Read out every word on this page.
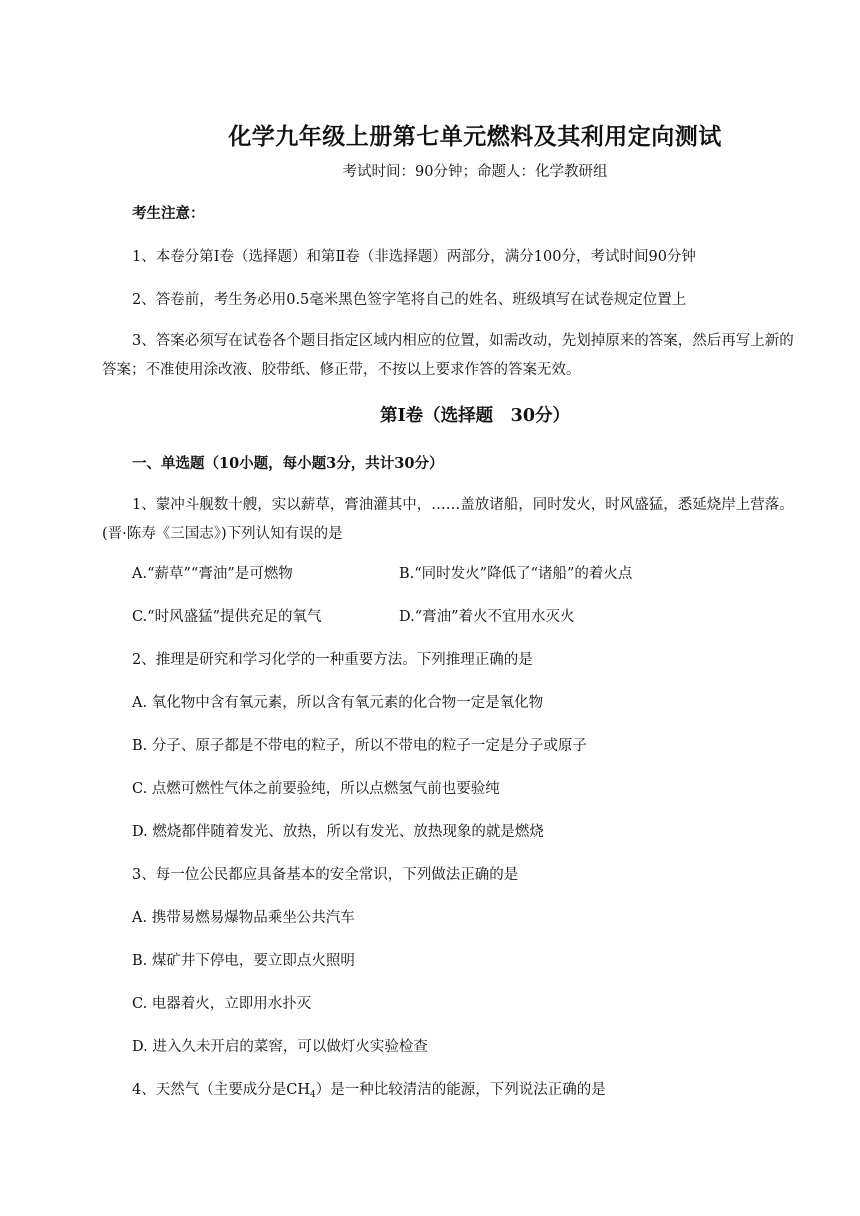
化学九年级上册第七单元燃料及其利用定向测试
考试时间：90分钟；命题人：化学教研组
考生注意：
1、本卷分第I卷（选择题）和第Ⅱ卷（非选择题）两部分，满分100分，考试时间90分钟
2、答卷前，考生务必用0.5毫米黑色签字笔将自己的姓名、班级填写在试卷规定位置上

3、答案必须写在试卷各个题目指定区域内相应的位置，如需改动，先划掉原来的答案，然后再写上新的答案；不准使用涂改液、胶带纸、修正带，不按以上要求作答的答案无效。

第I卷（选择题　30分）
一、单选题（10小题，每小题3分，共计30分）

1、蒙冲斗舰数十艘，实以薪草，膏油灌其中，……盖放诸船，同时发火，时风盛猛，悉延烧岸上营落。(晋·陈寿《三国志》)下列认知有误的是

A.“薪草”“膏油”是可燃物	B.“同时发火”降低了“诸船”的着火点
C.“时风盛猛”提供充足的氧气	D.“膏油”着火不宜用水灭火
2、推理是研究和学习化学的一种重要方法。下列推理正确的是
A. 氧化物中含有氧元素，所以含有氧元素的化合物一定是氧化物
B. 分子、原子都是不带电的粒子，所以不带电的粒子一定是分子或原子
C. 点燃可燃性气体之前要验纯，所以点燃氢气前也要验纯
D. 燃烧都伴随着发光、放热，所以有发光、放热现象的就是燃烧
3、每一位公民都应具备基本的安全常识，下列做法正确的是
A. 携带易燃易爆物品乘坐公共汽车
B. 煤矿井下停电，要立即点火照明
C. 电器着火，立即用水扑灭
D. 进入久未开启的菜窖，可以做灯火实验检查
4、天然气（主要成分是$CH_4$）是一种比较清洁的能源，下列说法正确的是
